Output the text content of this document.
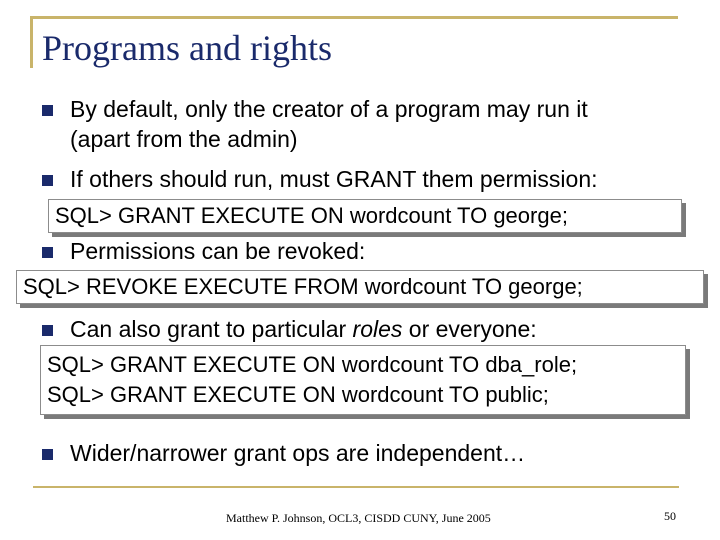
Programs and rights
By default, only the creator of a program may run it
(apart from the admin)
If others should run, must GRANT them permission:
SQL> GRANT EXECUTE ON wordcount TO george;
Permissions can be revoked:
SQL> REVOKE EXECUTE FROM wordcount TO george;
Can also grant to particular roles or everyone:
SQL> GRANT EXECUTE ON wordcount TO dba_role;
SQL> GRANT EXECUTE ON wordcount TO public;
Wider/narrower grant ops are independent…
Matthew P. Johnson, OCL3, CISDD CUNY, June 2005	50
